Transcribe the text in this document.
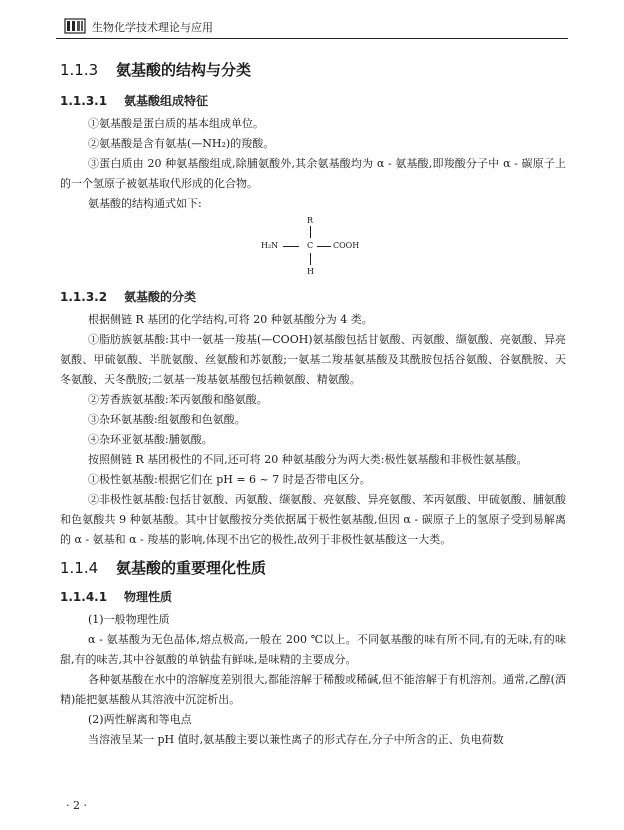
生物化学技术理论与应用
1.1.3 氨基酸的结构与分类
1.1.3.1 氨基酸组成特征

①氨基酸是蛋白质的基本组成单位。

②氨基酸是含有氨基(—NH₂)的羧酸。

③蛋白质由 20 种氨基酸组成,除脯氨酸外,其余氨基酸均为 α - 氨基酸,即羧酸分子中 α - 碳原子上的一个氢原子被氨基取代形成的化合物。

氨基酸的结构通式如下:

R
H₂N	C COOH
H
1.1.3.2 氨基酸的分类

根据侧链 R 基团的化学结构,可将 20 种氨基酸分为 4 类。

①脂肪族氨基酸:其中一氨基一羧基(—COOH)氨基酸包括甘氨酸、丙氨酸、缬氨酸、亮氨酸、异亮氨酸、甲硫氨酸、半胱氨酸、丝氨酸和苏氨酸;一氨基二羧基氨基酸及其酰胺包括谷氨酸、谷氨酰胺、天冬氨酸、天冬酰胺;二氨基一羧基氨基酸包括赖氨酸、精氨酸。

②芳香族氨基酸:苯丙氨酸和酪氨酸。

③杂环氨基酸:组氨酸和色氨酸。

④杂环亚氨基酸:脯氨酸。

按照侧链 R 基团极性的不同,还可将 20 种氨基酸分为两大类:极性氨基酸和非极性氨基酸。

①极性氨基酸:根据它们在 pH = 6 ~ 7 时是否带电区分。

②非极性氨基酸:包括甘氨酸、丙氨酸、缬氨酸、亮氨酸、异亮氨酸、苯丙氨酸、甲硫氨酸、脯氨酸和色氨酸共 9 种氨基酸。其中甘氨酸按分类依据属于极性氨基酸,但因 α - 碳原子上的氢原子受到易解离的 α - 氨基和 α - 羧基的影响,体现不出它的极性,故列于非极性氨基酸这一大类。

1.1.4 氨基酸的重要理化性质
1.1.4.1 物理性质

(1)一般物理性质

α - 氨基酸为无色晶体,熔点极高,一般在 200 ℃以上。不同氨基酸的味有所不同,有的无味,有的味甜,有的味苦,其中谷氨酸的单钠盐有鲜味,是味精的主要成分。

各种氨基酸在水中的溶解度差别很大,都能溶解于稀酸或稀碱,但不能溶解于有机溶剂。通常,乙醇(酒精)能把氨基酸从其溶液中沉淀析出。

(2)两性解离和等电点

当溶液呈某一 pH 值时,氨基酸主要以兼性离子的形式存在,分子中所含的正、负电荷数

· 2 ·
